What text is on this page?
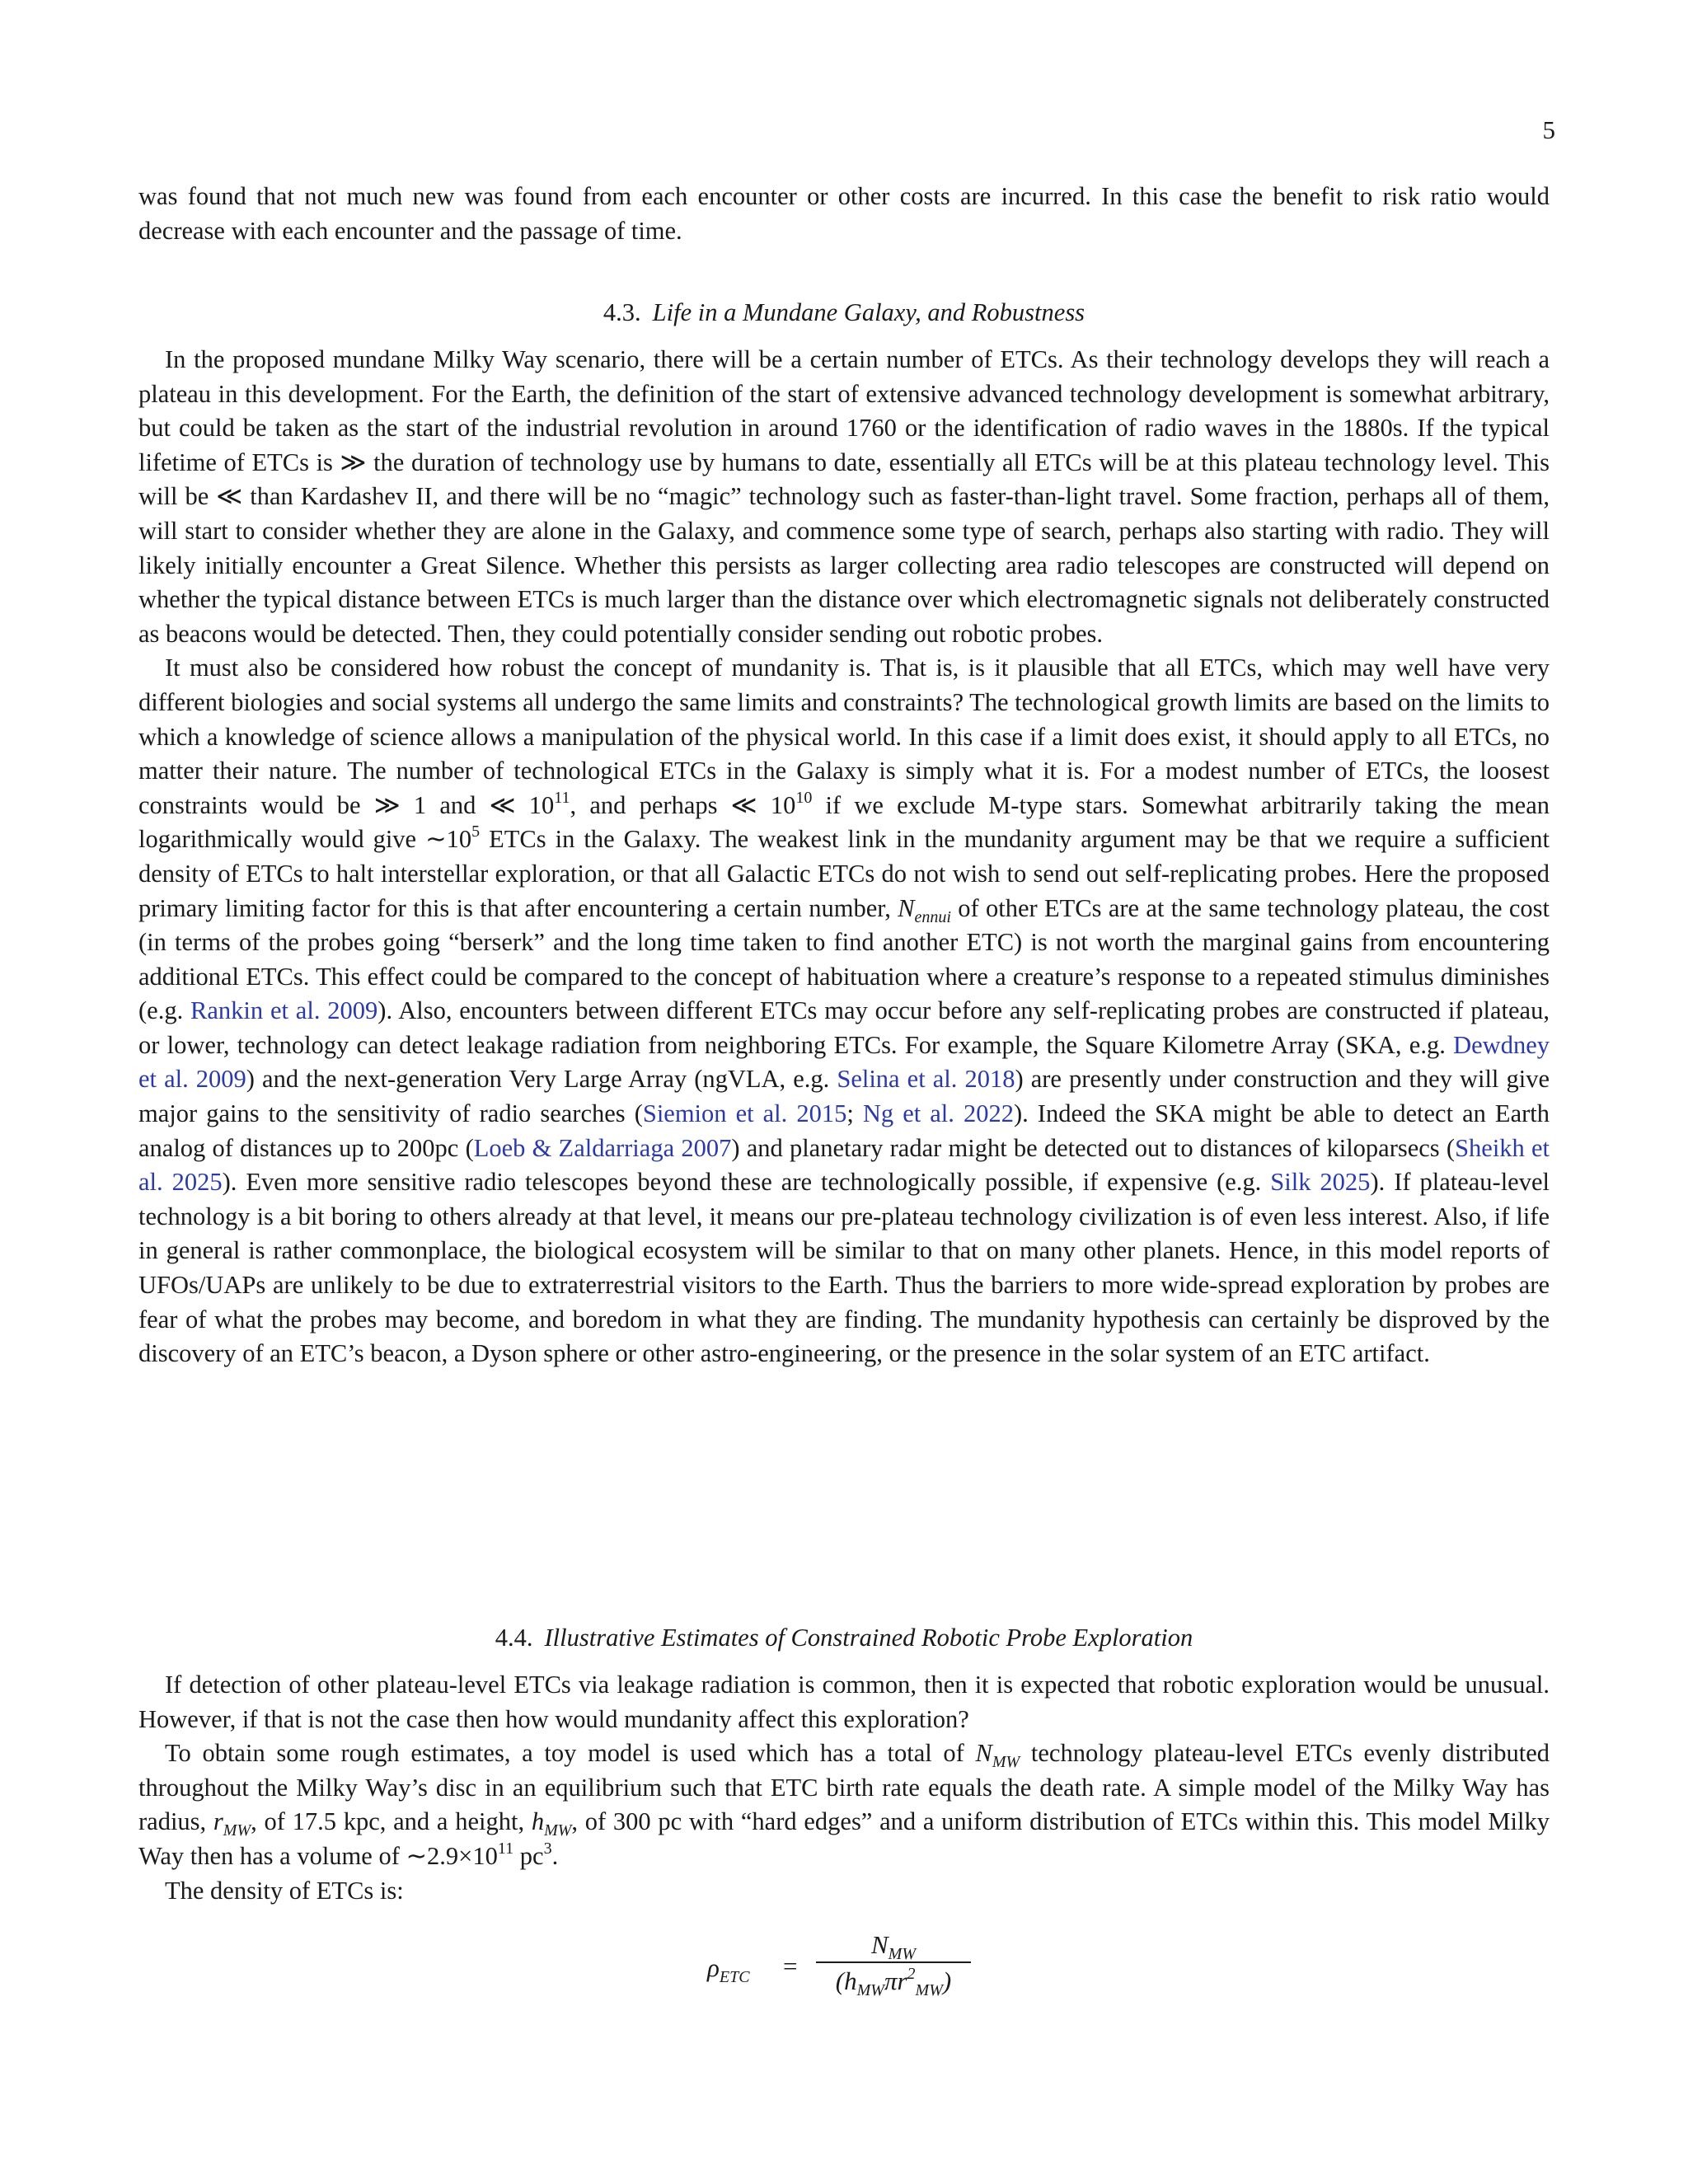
5

was found that not much new was found from each encounter or other costs are incurred. In this case the benefit to risk ratio would decrease with each encounter and the passage of time.

4.3. Life in a Mundane Galaxy, and Robustness

In the proposed mundane Milky Way scenario, there will be a certain number of ETCs. As their technology develops they will reach a plateau in this development. For the Earth, the definition of the start of extensive advanced technology development is somewhat arbitrary, but could be taken as the start of the industrial revolution in around 1760 or the identification of radio waves in the 1880s. If the typical lifetime of ETCs is ≫ the duration of technology use by humans to date, essentially all ETCs will be at this plateau technology level. This will be ≪ than Kardashev II, and there will be no “magic” technology such as faster-than-light travel. Some fraction, perhaps all of them, will start to consider whether they are alone in the Galaxy, and commence some type of search, perhaps also starting with radio. They will likely initially encounter a Great Silence. Whether this persists as larger collecting area radio telescopes are constructed will depend on whether the typical distance between ETCs is much larger than the distance over which electromagnetic signals not deliberately constructed as beacons would be detected. Then, they could potentially consider sending out robotic probes.

It must also be considered how robust the concept of mundanity is. That is, is it plausible that all ETCs, which may well have very different biologies and social systems all undergo the same limits and constraints? The technological growth limits are based on the limits to which a knowledge of science allows a manipulation of the physical world. In this case if a limit does exist, it should apply to all ETCs, no matter their nature. The number of technological ETCs in the Galaxy is simply what it is. For a modest number of ETCs, the loosest constraints would be ≫ 1 and ≪ $10^{11}$, and perhaps ≪ $10^{10}$ if we exclude M-type stars. Somewhat arbitrarily taking the mean logarithmically would give $\sim 10^5$ ETCs in the Galaxy. The weakest link in the mundanity argument may be that we require a sufficient density of ETCs to halt interstellar exploration, or that all Galactic ETCs do not wish to send out self-replicating probes. Here the proposed primary limiting factor for this is that after encountering a certain number, $N_{ennui}$ of other ETCs are at the same technology plateau, the cost (in terms of the probes going “berserk” and the long time taken to find another ETC) is not worth the marginal gains from encountering additional ETCs. This effect could be compared to the concept of habituation where a creature’s response to a repeated stimulus diminishes (e.g. Rankin et al. 2009). Also, encounters between different ETCs may occur before any self-replicating probes are constructed if plateau, or lower, technology can detect leakage radiation from neighboring ETCs. For example, the Square Kilometre Array (SKA, e.g. Dewdney et al. 2009) and the next-generation Very Large Array (ngVLA, e.g. Selina et al. 2018) are presently under construction and they will give major gains to the sensitivity of radio searches (Siemion et al. 2015; Ng et al. 2022). Indeed the SKA might be able to detect an Earth analog of distances up to 200pc (Loeb & Zaldarriaga 2007) and planetary radar might be detected out to distances of kiloparsecs (Sheikh et al. 2025). Even more sensitive radio telescopes beyond these are technologically possible, if expensive (e.g. Silk 2025). If plateau-level technology is a bit boring to others already at that level, it means our pre-plateau technology civilization is of even less interest. Also, if life in general is rather commonplace, the biological ecosystem will be similar to that on many other planets. Hence, in this model reports of UFOs/UAPs are unlikely to be due to extraterrestrial visitors to the Earth. Thus the barriers to more wide-spread exploration by probes are fear of what the probes may become, and boredom in what they are finding. The mundanity hypothesis can certainly be disproved by the discovery of an ETC’s beacon, a Dyson sphere or other astro-engineering, or the presence in the solar system of an ETC artifact.

4.4. Illustrative Estimates of Constrained Robotic Probe Exploration

If detection of other plateau-level ETCs via leakage radiation is common, then it is expected that robotic exploration would be unusual. However, if that is not the case then how would mundanity affect this exploration?

To obtain some rough estimates, a toy model is used which has a total of $N_{MW}$ technology plateau-level ETCs evenly distributed throughout the Milky Way’s disc in an equilibrium such that ETC birth rate equals the death rate. A simple model of the Milky Way has radius, $r_{MW}$, of 17.5 kpc, and a height, $h_{MW}$, of 300 pc with “hard edges” and a uniform distribution of ETCs within this. This model Milky Way then has a volume of $\sim 2.9\times 10^{11}$ $pc^3$.

The density of ETCs is:

$\rho_{ETC}$ =
$N_{MW}$
$(h_{MW}\pi r^2_{MW})$
